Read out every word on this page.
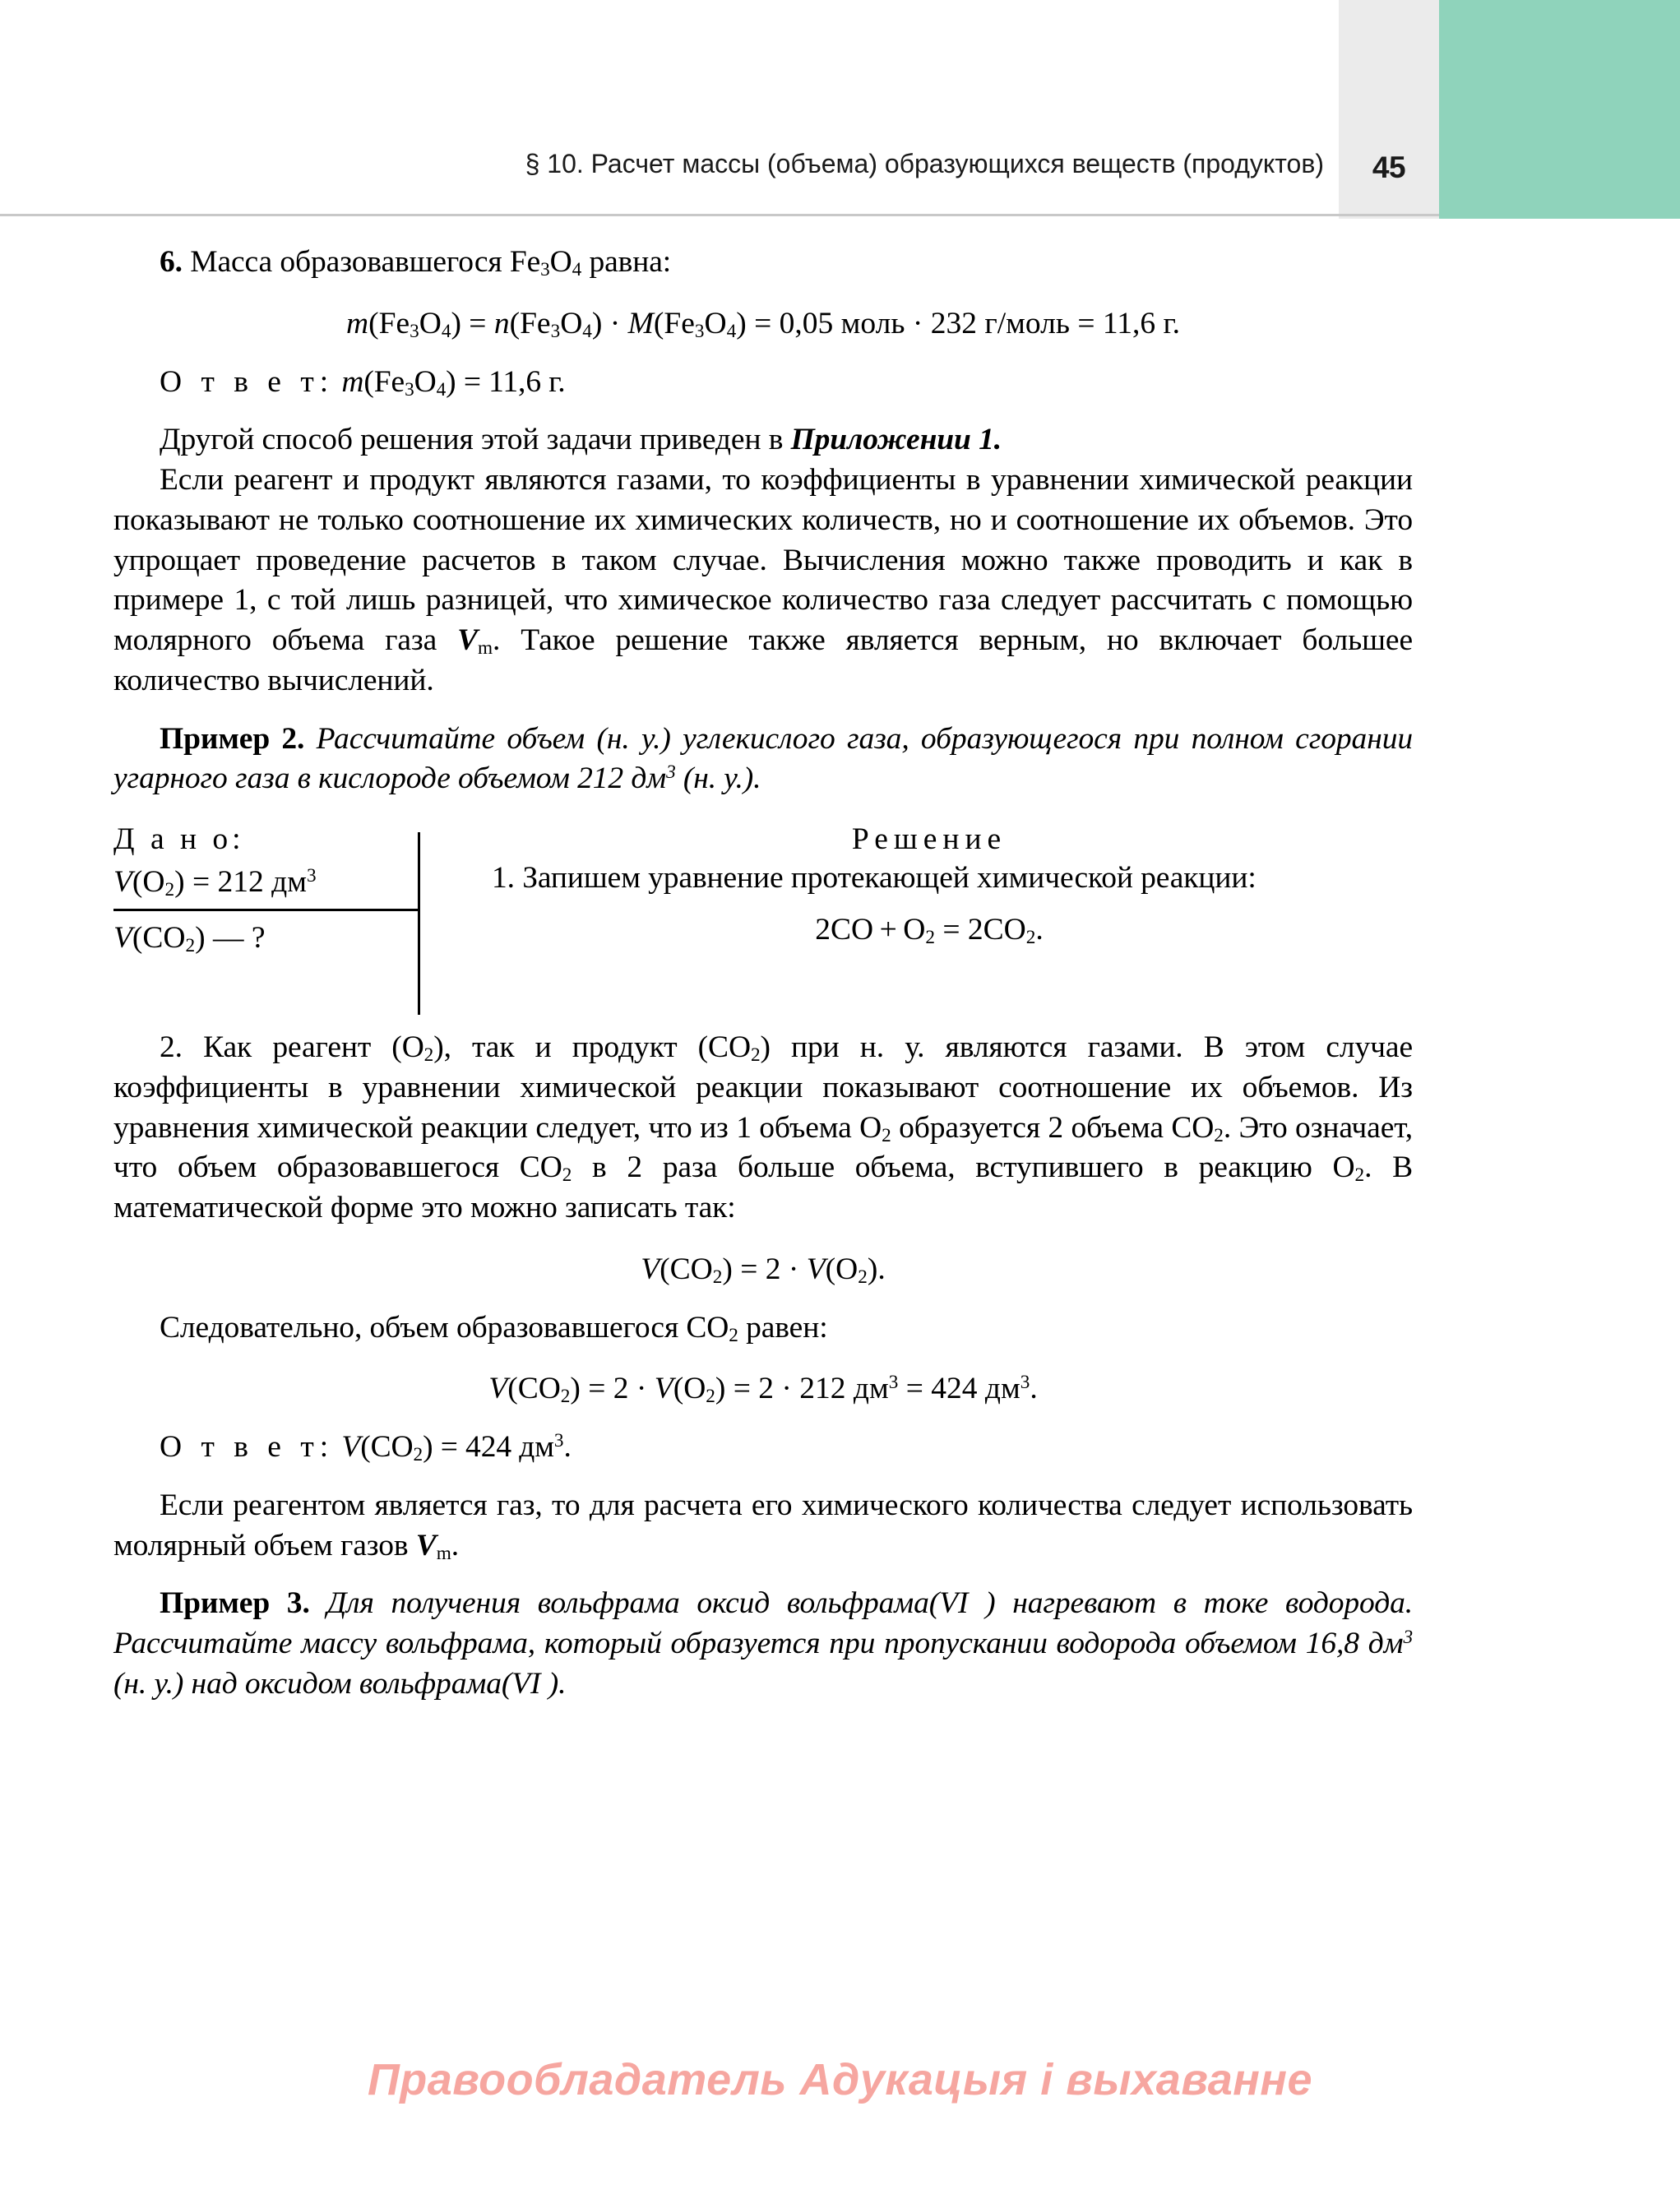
45
§ 10. Расчет массы (объема) образующихся веществ (продуктов)

6. Масса образовавшегося $Fe_3O_4$ равна:

$m(Fe_3O_4) = n(Fe_3O_4) \cdot M(Fe_3O_4) = 0,05$ моль · 232 г/моль = 11,6 г.

О т в е т: $m(Fe_3O_4) = 11,6$ г.

Другой способ решения этой задачи приведен в Приложении 1.

Если реагент и продукт являются газами, то коэффициенты в уравнении химической реакции показывают не только соотношение их химических количеств, но и соотношение их объемов. Это упрощает проведение расчетов в таком случае. Вычисления можно также проводить и как в примере 1, с той лишь разницей, что химическое количество газа следует рассчитать с помощью молярного объема газа $V_m$. Такое решение также является верным, но включает большее количество вычислений.

Пример 2. Рассчитайте объем (н. у.) углекислого газа, образующегося при полном сгорании угарного газа в кислороде объемом 212 $дм^3$ (н. у.).

Д а н о:
$V(O_2) = 212$ $дм^3$
$V(CO_2)$ — ?
Решение

1. Запишем уравнение протекающей химической реакции:

$2CO + O_2 = 2CO_2$.

2. Как реагент $(O_2)$, так и продукт $(CO_2)$ при н. у. являются газами. В этом случае коэффициенты в уравнении химической реакции показывают соотношение их объемов. Из уравнения химической реакции следует, что из 1 объема $O_2$ образуется 2 объема $CO_2$. Это означает, что объем образовавшегося $CO_2$ в 2 раза больше объема, вступившего в реакцию $O_2$. В математической форме это можно записать так:

$V(CO_2) = 2 \cdot V(O_2)$.

Следовательно, объем образовавшегося $CO_2$ равен:

$V(CO_2) = 2 \cdot V(O_2) = 2 \cdot 212$ $дм^3 = 424$ $дм^3$.

О т в е т: $V(CO_2) = 424$ $дм^3$.

Если реагентом является газ, то для расчета его химического количества следует использовать молярный объем газов $V_m$.

Пример 3. Для получения вольфрама оксид вольфрама(VI ) нагревают в токе водорода. Рассчитайте массу вольфрама, который образуется при пропускании водорода объемом 16,8 $дм^3$ (н. у.) над оксидом вольфрама(VI ).

Правообладатель Адукацыя і выхаванне
